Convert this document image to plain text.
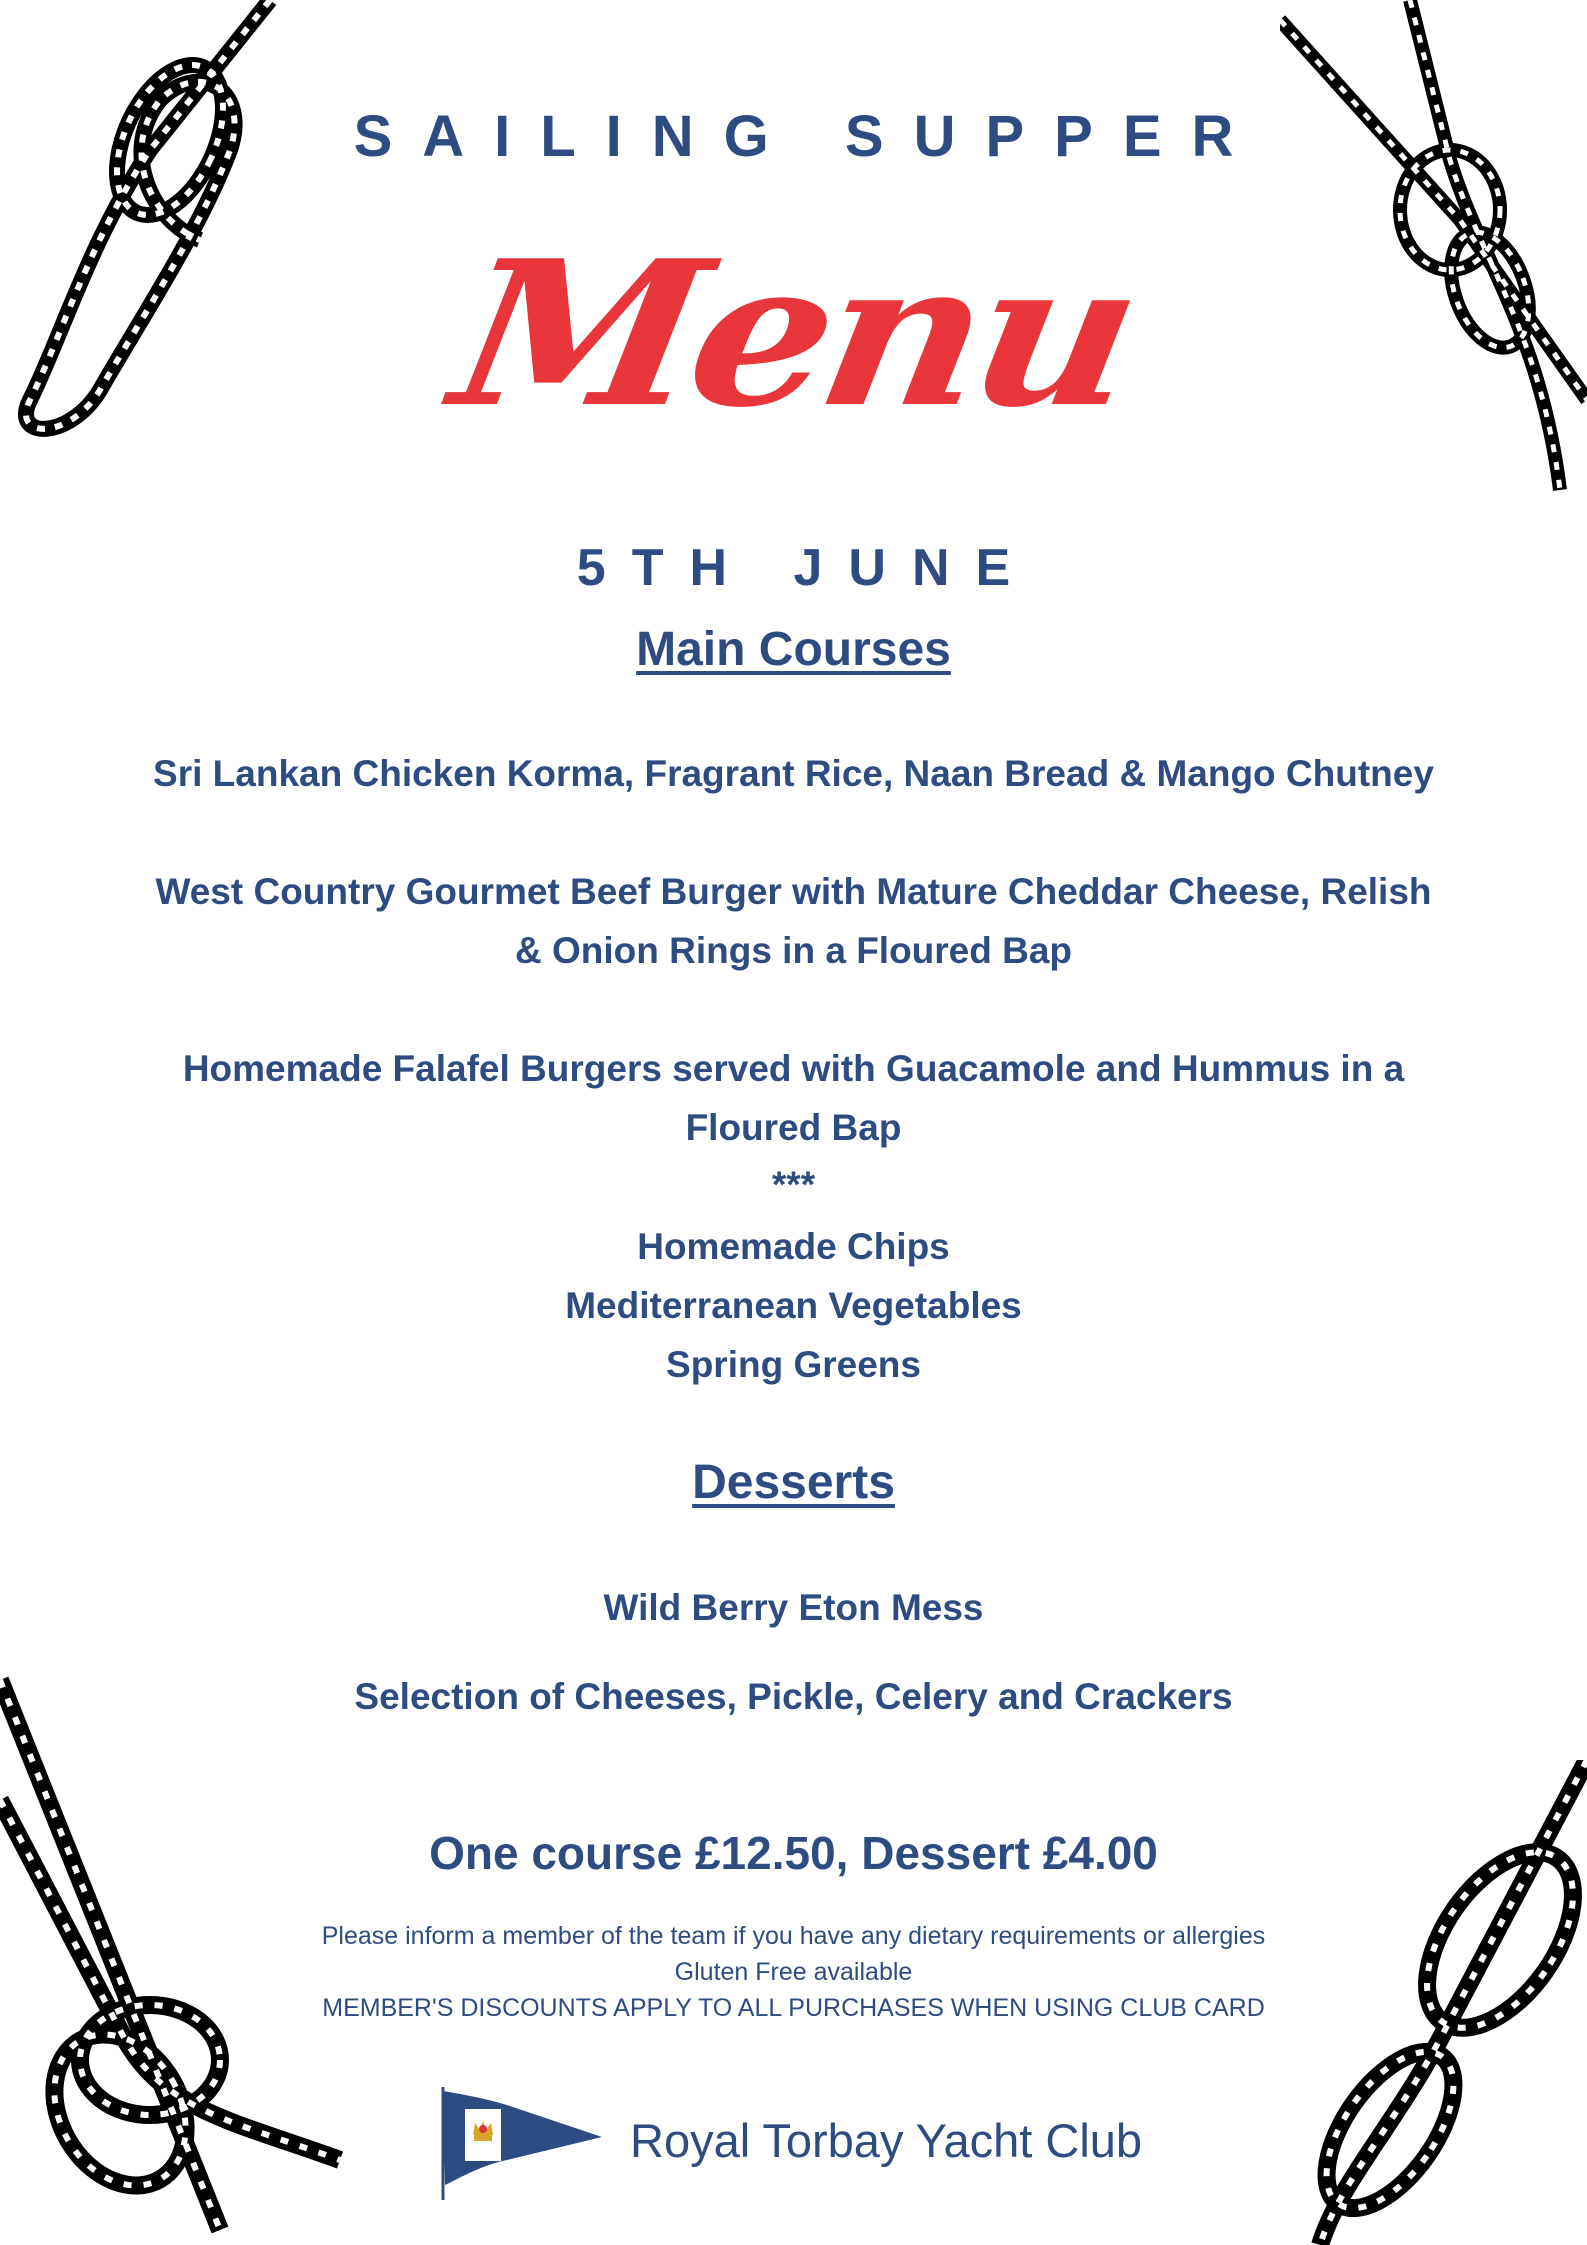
SAILING SUPPER
Menu
5TH JUNE
Main Courses
Sri Lankan Chicken Korma, Fragrant Rice, Naan Bread & Mango Chutney
West Country Gourmet Beef Burger with Mature Cheddar Cheese, Relish
& Onion Rings in a Floured Bap
Homemade Falafel Burgers served with Guacamole and Hummus in a
Floured Bap
***
Homemade Chips
Mediterranean Vegetables
Spring Greens
Desserts
Wild Berry Eton Mess
Selection of Cheeses, Pickle, Celery and Crackers
One course £12.50, Dessert £4.00
Please inform a member of the team if you have any dietary requirements or allergies
Gluten Free available
MEMBER'S DISCOUNTS APPLY TO ALL PURCHASES WHEN USING CLUB CARD
Royal Torbay Yacht Club
